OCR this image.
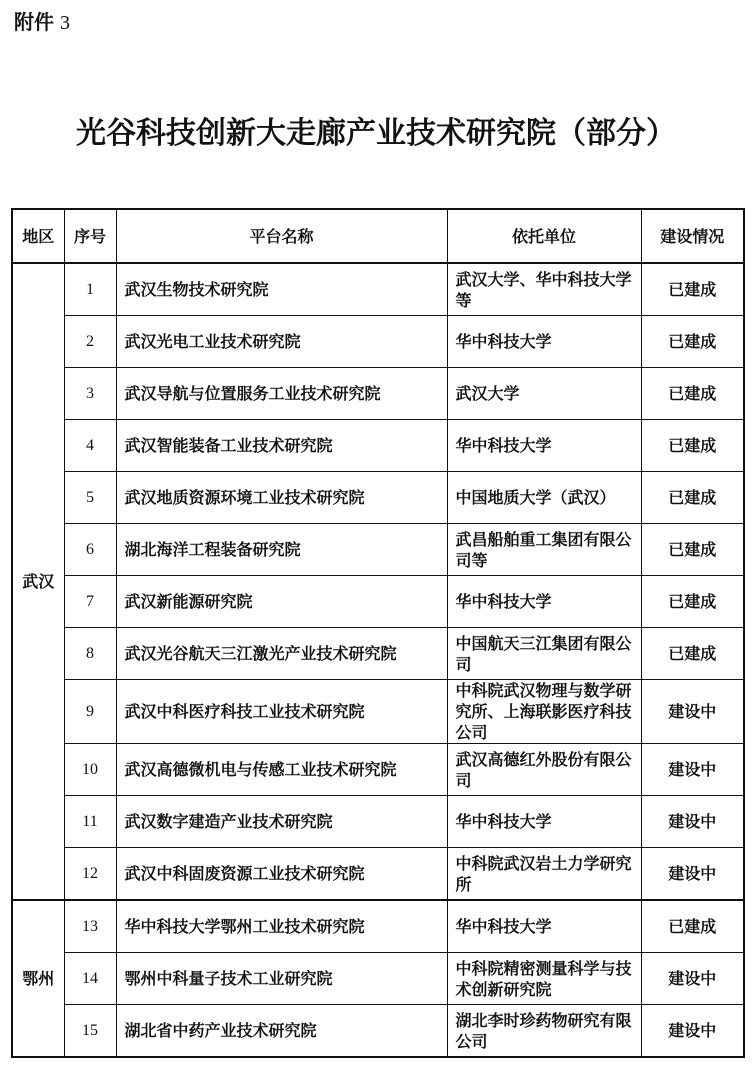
附件 3
光谷科技创新大走廊产业技术研究院（部分）
地区	序号	平台名称	依托单位	建设情况
武汉	1	武汉生物技术研究院	武汉大学、华中科技大学等	已建成
	2	武汉光电工业技术研究院	华中科技大学	已建成
	3	武汉导航与位置服务工业技术研究院	武汉大学	已建成
	4	武汉智能装备工业技术研究院	华中科技大学	已建成
	5	武汉地质资源环境工业技术研究院	中国地质大学（武汉）	已建成
	6	湖北海洋工程装备研究院	武昌船舶重工集团有限公司等	已建成
	7	武汉新能源研究院	华中科技大学	已建成
	8	武汉光谷航天三江激光产业技术研究院	中国航天三江集团有限公司	已建成
	9	武汉中科医疗科技工业技术研究院	中科院武汉物理与数学研究所、上海联影医疗科技公司	建设中
	10	武汉高德微机电与传感工业技术研究院	武汉高德红外股份有限公司	建设中
	11	武汉数字建造产业技术研究院	华中科技大学	建设中
	12	武汉中科固废资源工业技术研究院	中科院武汉岩土力学研究所	建设中
鄂州	13	华中科技大学鄂州工业技术研究院	华中科技大学	已建成
	14	鄂州中科量子技术工业研究院	中科院精密测量科学与技术创新研究院	建设中
	15	湖北省中药产业技术研究院	湖北李时珍药物研究有限公司	建设中
